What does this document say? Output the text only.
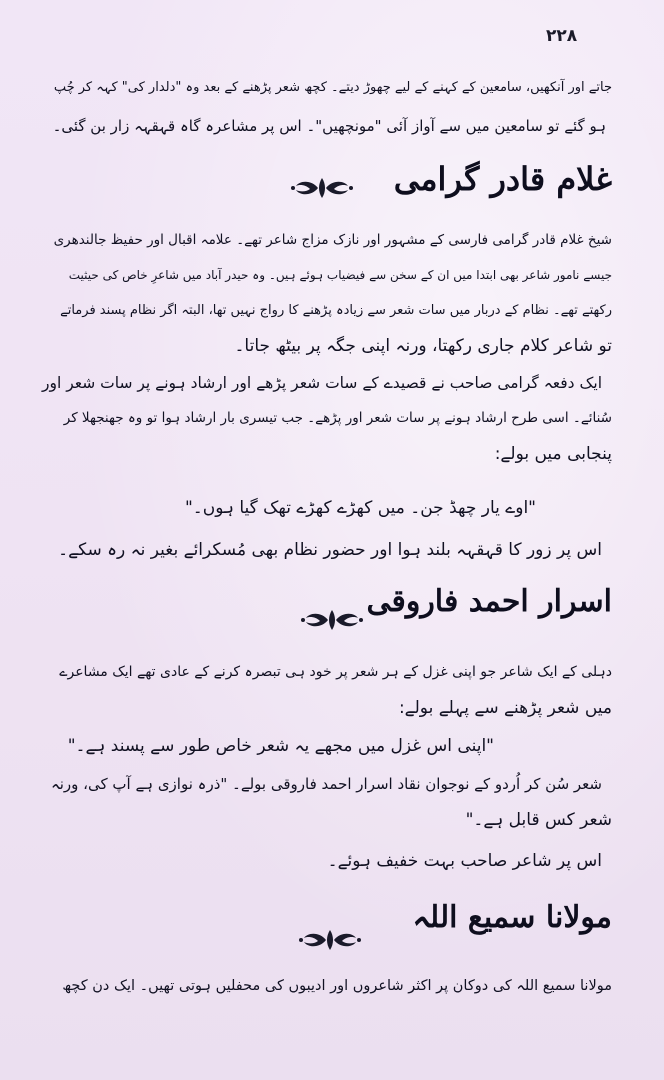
۲۲۸
جاتے اور آنکھیں، سامعین کے کہنے کے لیے چھوڑ دیتے۔ کچھ شعر پڑھنے کے بعد وہ "دلدار کی" کہہ کر چُپ
ہو گئے تو سامعین میں سے آواز آئی "مونچھیں"۔ اس پر مشاعرہ گاہ قہقہہ زار بن گئی۔
غلام قادر گرامی
شیخ غلام قادر گرامی فارسی کے مشہور اور نازک مزاج شاعر تھے۔ علامہ اقبال اور حفیظ جالندھری
جیسے نامور شاعر بھی ابتدا میں ان کے سخن سے فیضیاب ہوئے ہیں۔ وہ حیدر آباد میں شاعرِ خاص کی حیثیت
رکھتے تھے۔ نظام کے دربار میں سات شعر سے زیادہ پڑھنے کا رواج نہیں تھا، البتہ اگر نظام پسند فرماتے
تو شاعر کلام جاری رکھتا، ورنہ اپنی جگہ پر بیٹھ جاتا۔
ایک دفعہ گرامی صاحب نے قصیدے کے سات شعر پڑھے اور ارشاد ہونے پر سات شعر اور
سُنائے۔ اسی طرح ارشاد ہونے پر سات شعر اور پڑھے۔ جب تیسری بار ارشاد ہوا تو وہ جھنجھلا کر
پنجابی میں بولے:
"اوے یار چھڈ جن۔ میں کھڑے کھڑے تھک گیا ہوں۔"
اس پر زور کا قہقہہ بلند ہوا اور حضور نظام بھی مُسکرائے بغیر نہ رہ سکے۔
اسرار احمد فاروقی
دہلی کے ایک شاعر جو اپنی غزل کے ہر شعر پر خود ہی تبصرہ کرنے کے عادی تھے ایک مشاعرے
میں شعر پڑھنے سے پہلے بولے:
"اپنی اس غزل میں مجھے یہ شعر خاص طور سے پسند ہے۔"
شعر سُن کر اُردو کے نوجوان نقاد اسرار احمد فاروقی بولے۔ "ذرہ نوازی ہے آپ کی، ورنہ
شعر کس قابل ہے۔"
اس پر شاعر صاحب بہت خفیف ہوئے۔
مولانا سمیع اللہ
مولانا سمیع اللہ کی دوکان پر اکثر شاعروں اور ادیبوں کی محفلیں ہوتی تھیں۔ ایک دن کچھ
